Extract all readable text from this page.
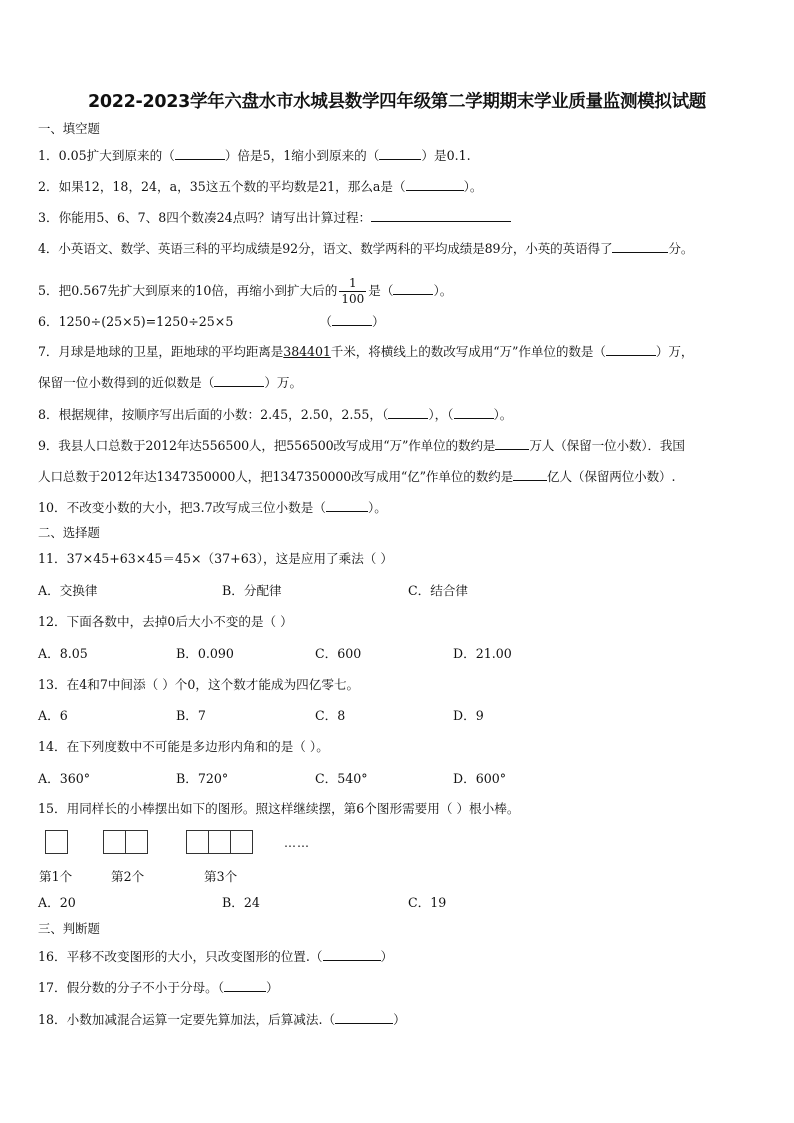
2022-2023学年六盘水市水城县数学四年级第二学期期末学业质量监测模拟试题
一、填空题
1．0.05扩大到原来的（	）倍是5，1缩小到原来的（	）是0.1.
2．如果12，18，24，a，35这五个数的平均数是21，那么a是（	）。
3．你能用5、6、7、8四个数凑24点吗？请写出计算过程：
4．小英语文、数学、英语三科的平均成绩是92分，语文、数学两科的平均成绩是89分，小英的英语得了	分。
5．把0.567先扩大到原来的10倍，再缩小到扩大后的 $\frac{1}{100}$ 是（	）。
6．1250÷(25×5)=1250÷25×5	（	）
7．月球是地球的卫星，距地球的平均距离是384401千米，将横线上的数改写成用“万”作单位的数是（	）万，
保留一位小数得到的近似数是（	）万。
8．根据规律，按顺序写出后面的小数：2.45，2.50，2.55，（	），（	）。
9．我县人口总数于2012年达556500人，把556500改写成用“万”作单位的数约是	万人（保留一位小数）．我国
人口总数于2012年达1347350000人，把1347350000改写成用“亿”作单位的数约是	亿人（保留两位小数）.
10．不改变小数的大小，把3.7改写成三位小数是（	）。
二、选择题
11．37×45+63×45＝45×（37+63），这是应用了乘法（ ）
A．交换律	B．分配律	C．结合律
12．下面各数中，去掉0后大小不变的是（ ）
A．8.05	B．0.090	C．600	D．21.00
13．在4和7中间添（ ）个0，这个数才能成为四亿零七。
A．6	B．7	C．8	D．9
14．在下列度数中不可能是多边形内角和的是（ ）。
A．360°	B．720°	C．540°	D．600°
15．用同样长的小棒摆出如下的图形。照这样继续摆，第6个图形需要用（ ）根小棒。
……
第1个	第2个	第3个
A．20	B．24	C．19
三、判断题
16．平移不改变图形的大小，只改变图形的位置.（	）
17．假分数的分子不小于分母。（	）
18．小数加减混合运算一定要先算加法，后算减法.（	）
